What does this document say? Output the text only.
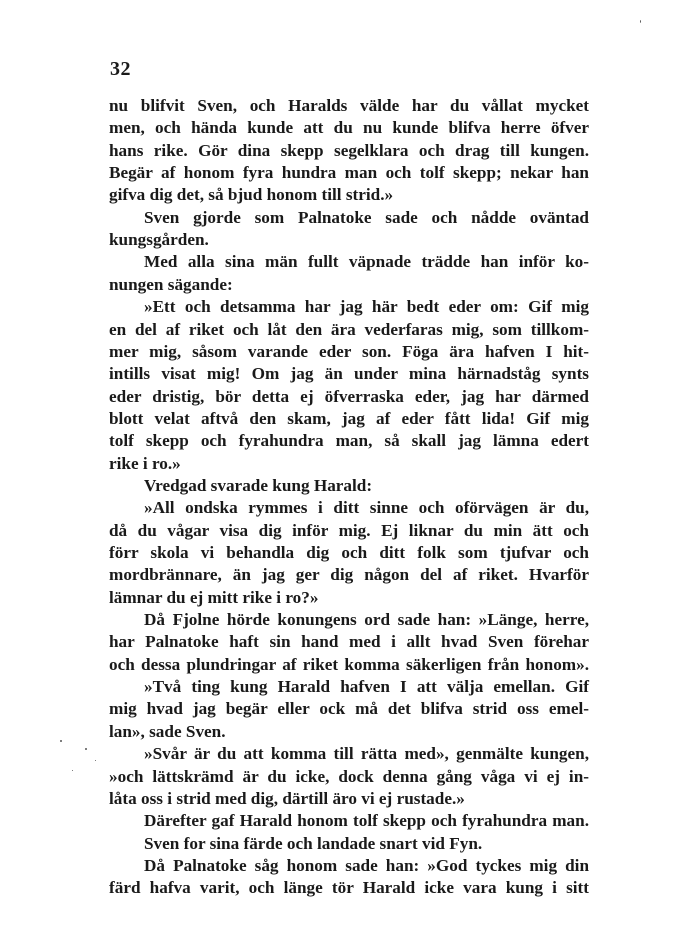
32
nu blifvit Sven, och Haralds välde har du vållat mycket
men, och hända kunde att du nu kunde blifva herre öfver
hans rike. Gör dina skepp segelklara och drag till kungen.
Begär af honom fyra hundra man och tolf skepp; nekar han
gifva dig det, så bjud honom till strid.»
Sven gjorde som Palnatoke sade och nådde oväntad
kungsgården.
Med alla sina män fullt väpnade trädde han inför ko-
nungen sägande:
»Ett och detsamma har jag här bedt eder om: Gif mig
en del af riket och låt den ära vederfaras mig, som tillkom-
mer mig, såsom varande eder son. Föga ära hafven I hit-
intills visat mig! Om jag än under mina härnadståg synts
eder dristig, bör detta ej öfverraska eder, jag har därmed
blott velat aftvå den skam, jag af eder fått lida! Gif mig
tolf skepp och fyrahundra man, så skall jag lämna edert
rike i ro.»
Vredgad svarade kung Harald:
»All ondska rymmes i ditt sinne och oförvägen är du,
då du vågar visa dig inför mig. Ej liknar du min ätt och
förr skola vi behandla dig och ditt folk som tjufvar och
mordbrännare, än jag ger dig någon del af riket. Hvarför
lämnar du ej mitt rike i ro?»
Då Fjolne hörde konungens ord sade han: »Länge, herre,
har Palnatoke haft sin hand med i allt hvad Sven förehar
och dessa plundringar af riket komma säkerligen från honom».
»Två ting kung Harald hafven I att välja emellan. Gif
mig hvad jag begär eller ock må det blifva strid oss emel-
lan», sade Sven.
»Svår är du att komma till rätta med», genmälte kungen,
»och lättskrämd är du icke, dock denna gång våga vi ej in-
låta oss i strid med dig, därtill äro vi ej rustade.»
Därefter gaf Harald honom tolf skepp och fyrahundra man.
Sven for sina färde och landade snart vid Fyn.
Då Palnatoke såg honom sade han: »God tyckes mig din
färd hafva varit, och länge tör Harald icke vara kung i sitt
